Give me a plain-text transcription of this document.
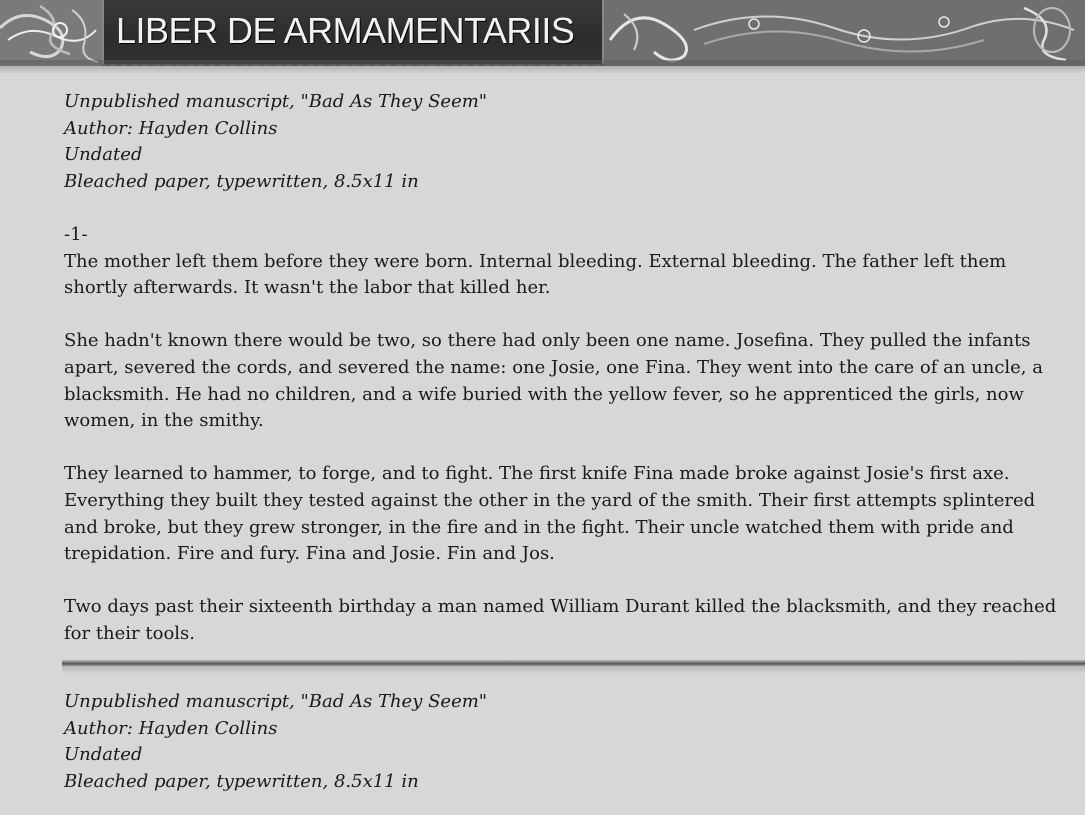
LIBER DE ARMAMENTARIIS
Unpublished manuscript, "Bad As They Seem"
Author: Hayden Collins
Undated
Bleached paper, typewritten, 8.5x11 in
-1-

The mother left them before they were born. Internal bleeding. External bleeding. The father left them shortly afterwards. It wasn't the labor that killed her.

She hadn't known there would be two, so there had only been one name. Josefina. They pulled the infants apart, severed the cords, and severed the name: one Josie, one Fina. They went into the care of an uncle, a blacksmith. He had no children, and a wife buried with the yellow fever, so he apprenticed the girls, now women, in the smithy.

They learned to hammer, to forge, and to fight. The first knife Fina made broke against Josie's first axe. Everything they built they tested against the other in the yard of the smith. Their first attempts splintered and broke, but they grew stronger, in the fire and in the fight. Their uncle watched them with pride and trepidation. Fire and fury. Fina and Josie. Fin and Jos.

Two days past their sixteenth birthday a man named William Durant killed the blacksmith, and they reached for their tools.

Unpublished manuscript, "Bad As They Seem"
Author: Hayden Collins
Undated
Bleached paper, typewritten, 8.5x11 in
